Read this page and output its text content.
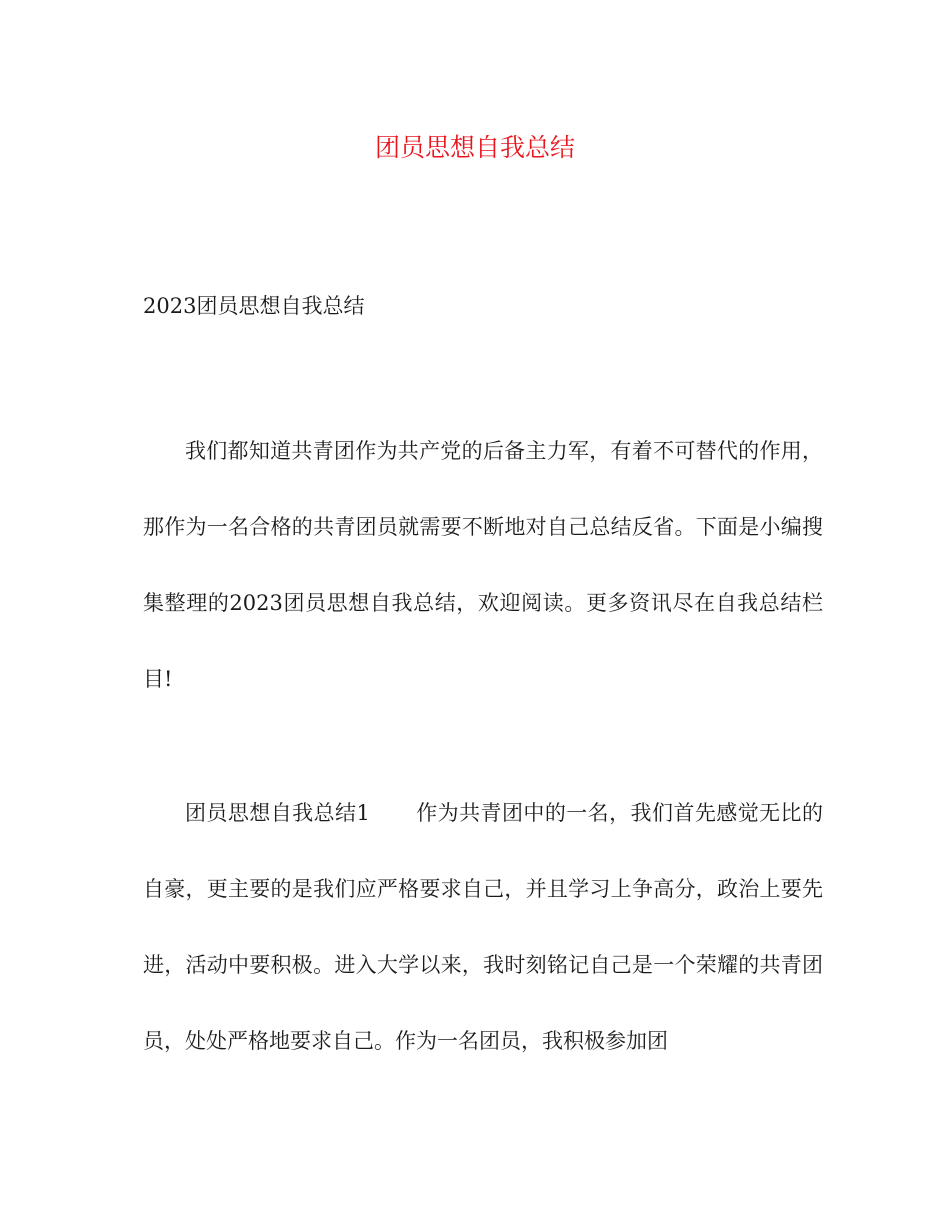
团员思想自我总结

2023团员思想自我总结

我们都知道共青团作为共产党的后备主力军，有着不可替代的作用，那作为一名合格的共青团员就需要不断地对自己总结反省。下面是小编搜集整理的2023团员思想自我总结，欢迎阅读。更多资讯尽在自我总结栏目!

团员思想自我总结1 作为共青团中的一名，我们首先感觉无比的自豪，更主要的是我们应严格要求自己，并且学习上争高分，政治上要先进，活动中要积极。进入大学以来，我时刻铭记自己是一个荣耀的共青团员，处处严格地要求自己。作为一名团员，我积极参加团
